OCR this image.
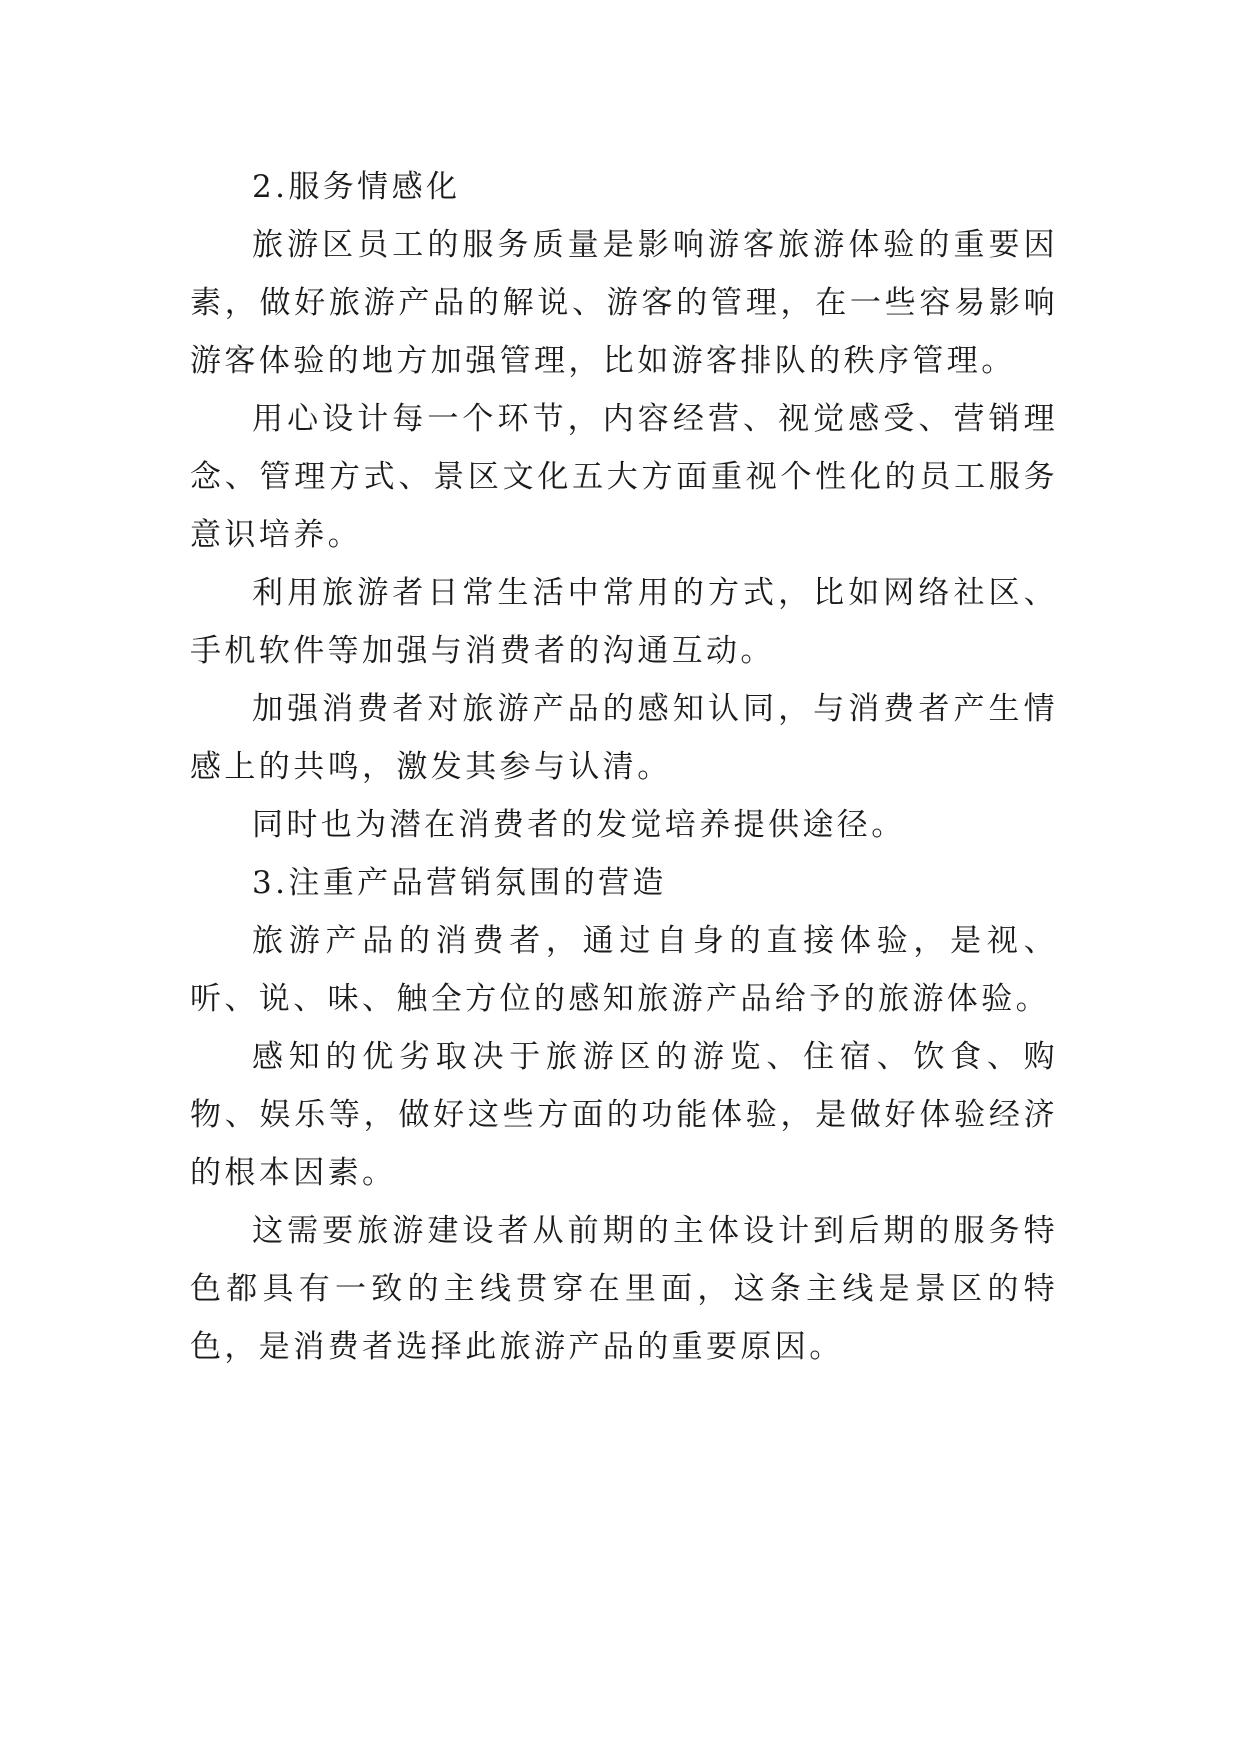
2.服务情感化

旅游区员工的服务质量是影响游客旅游体验的重要因素，做好旅游产品的解说、游客的管理，在一些容易影响游客体验的地方加强管理，比如游客排队的秩序管理。

用心设计每一个环节，内容经营、视觉感受、营销理念、管理方式、景区文化五大方面重视个性化的员工服务意识培养。

利用旅游者日常生活中常用的方式，比如网络社区、手机软件等加强与消费者的沟通互动。

加强消费者对旅游产品的感知认同，与消费者产生情感上的共鸣，激发其参与认清。

同时也为潜在消费者的发觉培养提供途径。

3.注重产品营销氛围的营造

旅游产品的消费者，通过自身的直接体验，是视、听、说、味、触全方位的感知旅游产品给予的旅游体验。

感知的优劣取决于旅游区的游览、住宿、饮食、购物、娱乐等，做好这些方面的功能体验，是做好体验经济的根本因素。

这需要旅游建设者从前期的主体设计到后期的服务特色都具有一致的主线贯穿在里面，这条主线是景区的特色，是消费者选择此旅游产品的重要原因。
